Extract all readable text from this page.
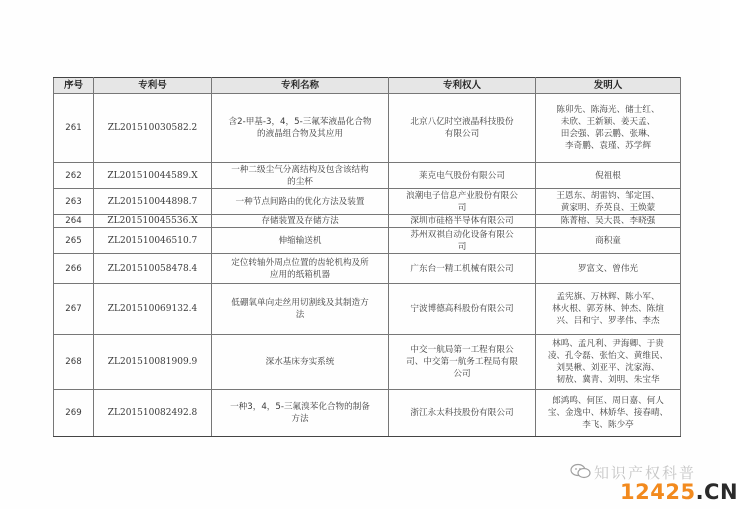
序号	专利号	专利名称	专利权人	发明人
261	ZL201510030582.2	含2-甲基-3，4，5-三氟苯液晶化合物
的液晶组合物及其应用	北京八亿时空液晶科技股份
有限公司	陈卯先、陈海光、储士红、
未欣、王新颖、姜天孟、
田会强、郭云鹏、张琳、
李奇鹏、袁瑾、苏学辉

262	ZL201510044589.X	一种二级尘气分离结构及包含该结构
的尘杯	莱克电气股份有限公司	倪祖根

263	ZL201510044898.7	一种节点间路由的优化方法及装置	浪潮电子信息产业股份有限公
司	王恩东、胡雷钧、邹定国、
黄家明、乔英良、王焕蒙

264	ZL201510045536.X	存储装置及存储方法	深圳市硅格半导体有限公司	陈菁榕、吴大畏、李晓强

265	ZL201510046510.7	伸缩输送机	苏州双祺自动化设备有限公
司	商积童

266	ZL201510058478.4	定位转轴外周点位置的齿轮机构及所
应用的纸箱机器	广东台一精工机械有限公司	罗富文、曾伟光

267	ZL201510069132.4	低硼氧单向走丝用切割线及其制造方
法	宁波博德高科股份有限公司	孟宪旗、万林辉、陈小军、
林火根、郭芳林、钟杰、陈煊
兴、吕和宁、罗孝伟、李杰

268	ZL201510081909.9	深水基床夯实系统	中交一航局第一工程有限公
司、中交第一航务工程局有限
公司	林鸣、孟凡利、尹海卿、于贵
凌、孔令磊、张怡文、黄维民、
刘昊楸、刘亚平、沈家海、
韧敖、冀青、刘明、朱宝华

269	ZL201510082492.8	一种3，4，5-三氟溴苯化合物的制备
方法	浙江永太科技股份有限公司	郎鸿鸣、何匡、周日嘉、何人
宝、金逸中、林娇华、接春晴、
李飞、陈少亭
知识产权科普
12425.CN
